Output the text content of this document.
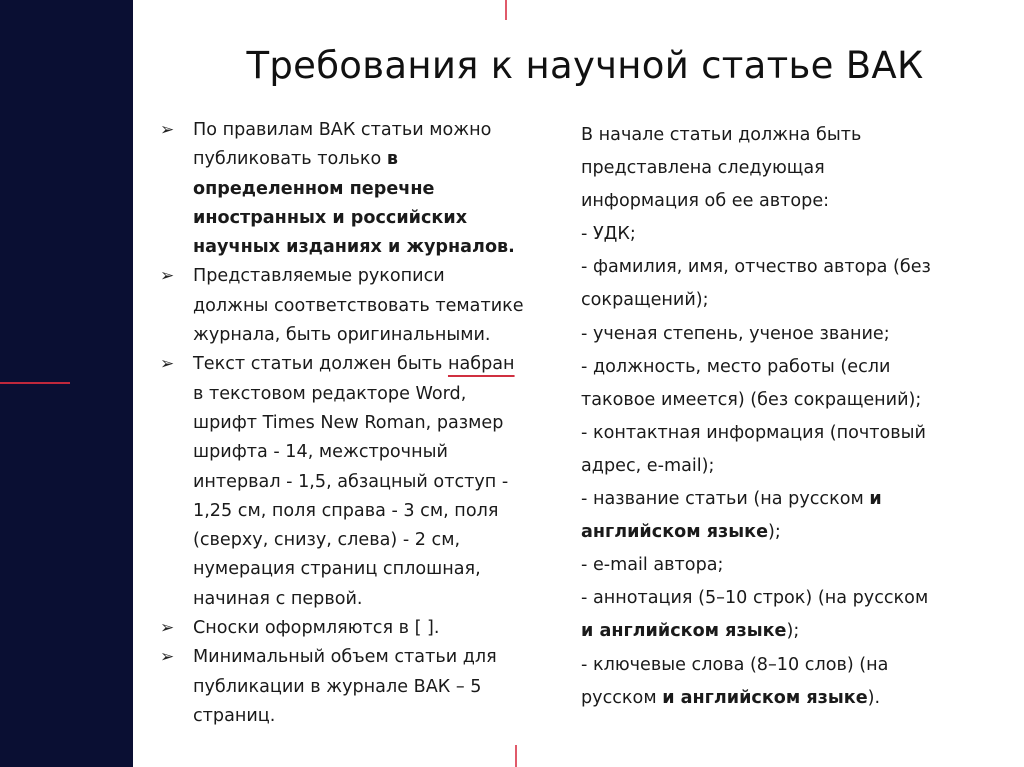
Требования к научной статье ВАК
➢ По правилам ВАК статьи можно
публиковать только в
определенном перечне
иностранных и российских
научных изданиях и журналов.
➢ Представляемые рукописи
должны соответствовать тематике
журнала, быть оригинальными.
➢ Текст статьи должен быть набран
в текстовом редакторе Word,
шрифт Times New Roman, размер
шрифта - 14, межстрочный
интервал - 1,5, абзацный отступ -
1,25 см, поля справа - 3 см, поля
(сверху, снизу, слева) - 2 см,
нумерация страниц сплошная,
начиная с первой.
➢ Сноски оформляются в [ ].
➢ Минимальный объем статьи для
публикации в журнале ВАК – 5
страниц.
В начале статьи должна быть
представлена следующая
информация об ее авторе:
- УДК;
- фамилия, имя, отчество автора (без
сокращений);
- ученая степень, ученое звание;
- должность, место работы (если
таковое имеется) (без сокращений);
- контактная информация (почтовый
адрес, e-mail);
- название статьи (на русском и
английском языке);
- e-mail автора;
- аннотация (5–10 строк) (на русском
и английском языке);
- ключевые слова (8–10 слов) (на
русском и английском языке).
